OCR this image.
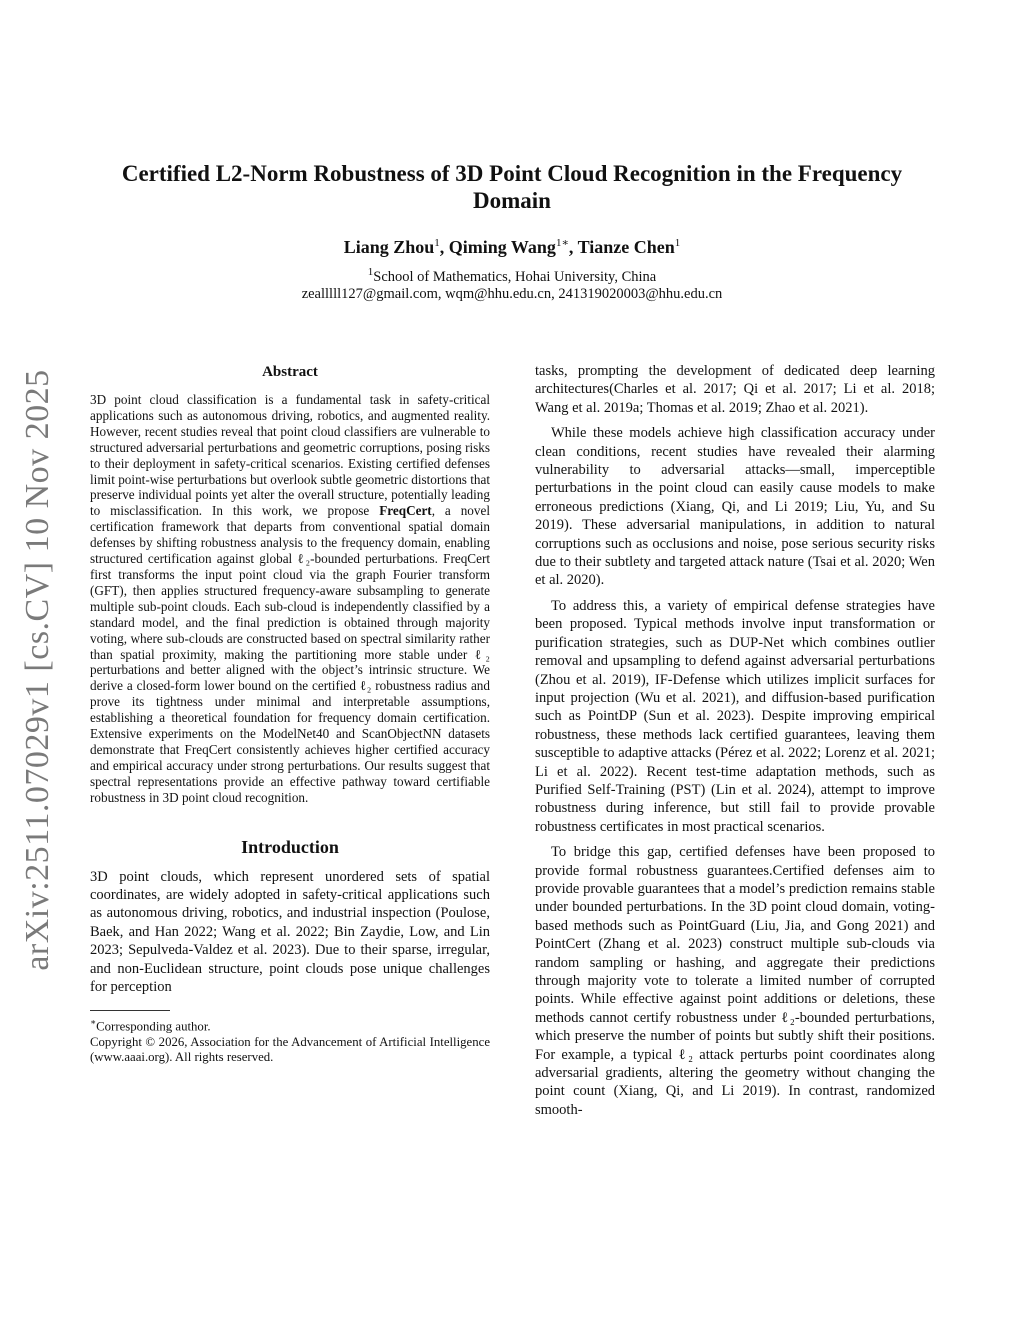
arXiv:2511.07029v1 [cs.CV] 10 Nov 2025
Certified L2-Norm Robustness of 3D Point Cloud Recognition in the Frequency Domain

Liang Zhou$^1$, Qiming Wang$^{1∗}$, Tianze Chen$^1$

$^1$School of Mathematics, Hohai University, China

zealllll127@gmail.com, wqm@hhu.edu.cn, 241319020003@hhu.edu.cn

Abstract

3D point cloud classification is a fundamental task in safety-critical applications such as autonomous driving, robotics, and augmented reality. However, recent studies reveal that point cloud classifiers are vulnerable to structured adversarial perturbations and geometric corruptions, posing risks to their deployment in safety-critical scenarios. Existing certified defenses limit point-wise perturbations but overlook subtle geometric distortions that preserve individual points yet alter the overall structure, potentially leading to misclassification. In this work, we propose FreqCert, a novel certification framework that departs from conventional spatial domain defenses by shifting robustness analysis to the frequency domain, enabling structured certification against global ℓ₂-bounded perturbations. FreqCert first transforms the input point cloud via the graph Fourier transform (GFT), then applies structured frequency-aware subsampling to generate multiple sub-point clouds. Each sub-cloud is independently classified by a standard model, and the final prediction is obtained through majority voting, where sub-clouds are constructed based on spectral similarity rather than spatial proximity, making the partitioning more stable under ℓ₂ perturbations and better aligned with the object’s intrinsic structure. We derive a closed-form lower bound on the certified ℓ₂ robustness radius and prove its tightness under minimal and interpretable assumptions, establishing a theoretical foundation for frequency domain certification. Extensive experiments on the ModelNet40 and ScanObjectNN datasets demonstrate that FreqCert consistently achieves higher certified accuracy and empirical accuracy under strong perturbations. Our results suggest that spectral representations provide an effective pathway toward certifiable robustness in 3D point cloud recognition.

Introduction

3D point clouds, which represent unordered sets of spatial coordinates, are widely adopted in safety-critical applications such as autonomous driving, robotics, and industrial inspection (Poulose, Baek, and Han 2022; Wang et al. 2022; Bin Zaydie, Low, and Lin 2023; Sepulveda-Valdez et al. 2023). Due to their sparse, irregular, and non-Euclidean structure, point clouds pose unique challenges for perception

∗Corresponding author.

Copyright © 2026, Association for the Advancement of Artificial Intelligence (www.aaai.org). All rights reserved.

tasks, prompting the development of dedicated deep learning architectures(Charles et al. 2017; Qi et al. 2017; Li et al. 2018; Wang et al. 2019a; Thomas et al. 2019; Zhao et al. 2021).

While these models achieve high classification accuracy under clean conditions, recent studies have revealed their alarming vulnerability to adversarial attacks—small, imperceptible perturbations in the point cloud can easily cause models to make erroneous predictions (Xiang, Qi, and Li 2019; Liu, Yu, and Su 2019). These adversarial manipulations, in addition to natural corruptions such as occlusions and noise, pose serious security risks due to their subtlety and targeted attack nature (Tsai et al. 2020; Wen et al. 2020).

To address this, a variety of empirical defense strategies have been proposed. Typical methods involve input transformation or purification strategies, such as DUP-Net which combines outlier removal and upsampling to defend against adversarial perturbations (Zhou et al. 2019), IF-Defense which utilizes implicit surfaces for input projection (Wu et al. 2021), and diffusion-based purification such as PointDP (Sun et al. 2023). Despite improving empirical robustness, these methods lack certified guarantees, leaving them susceptible to adaptive attacks (Pérez et al. 2022; Lorenz et al. 2021; Li et al. 2022). Recent test-time adaptation methods, such as Purified Self-Training (PST) (Lin et al. 2024), attempt to improve robustness during inference, but still fail to provide provable robustness certificates in most practical scenarios.

To bridge this gap, certified defenses have been proposed to provide formal robustness guarantees.Certified defenses aim to provide provable guarantees that a model’s prediction remains stable under bounded perturbations. In the 3D point cloud domain, voting-based methods such as PointGuard (Liu, Jia, and Gong 2021) and PointCert (Zhang et al. 2023) construct multiple sub-clouds via random sampling or hashing, and aggregate their predictions through majority vote to tolerate a limited number of corrupted points. While effective against point additions or deletions, these methods cannot certify robustness under ℓ₂-bounded perturbations, which preserve the number of points but subtly shift their positions. For example, a typical ℓ₂ attack perturbs point coordinates along adversarial gradients, altering the geometry without changing the point count (Xiang, Qi, and Li 2019). In contrast, randomized smooth-
